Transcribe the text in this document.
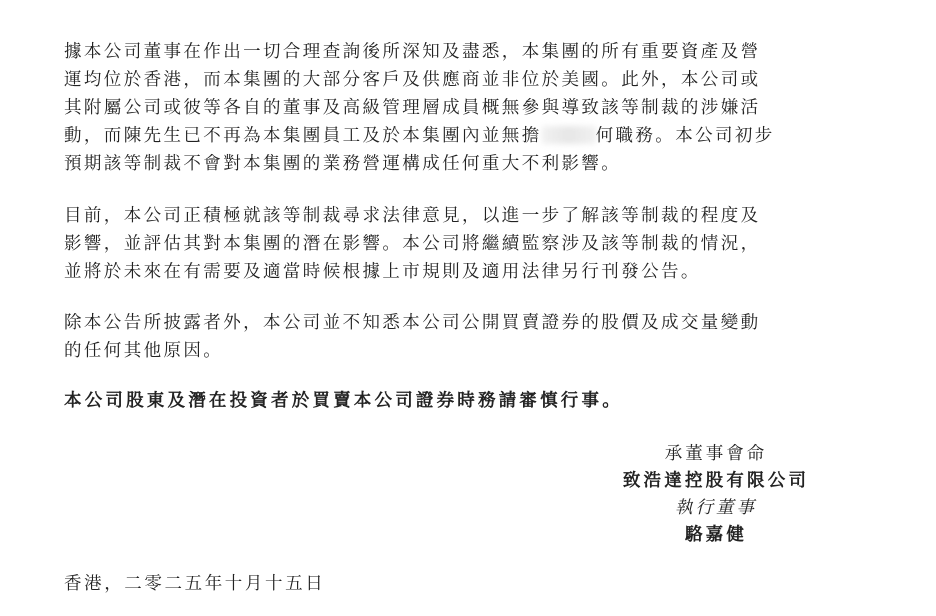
據本公司董事在作出一切合理查詢後所深知及盡悉，本集團的所有重要資產及營
運均位於香港，而本集團的大部分客戶及供應商並非位於美國。此外，本公司或
其附屬公司或彼等各自的董事及高級管理層成員概無參與導致該等制裁的涉嫌活
動，而陳先生已不再為本集團員工及於本集團內並無擔	何職務。本公司初步
預期該等制裁不會對本集團的業務營運構成任何重大不利影響。
目前，本公司正積極就該等制裁尋求法律意見，以進一步了解該等制裁的程度及
影響，並評估其對本集團的潛在影響。本公司將繼續監察涉及該等制裁的情況，
並將於未來在有需要及適當時候根據上市規則及適用法律另行刊發公告。
除本公告所披露者外，本公司並不知悉本公司公開買賣證券的股價及成交量變動
的任何其他原因。
本公司股東及潛在投資者於買賣本公司證券時務請審慎行事。
承董事會命
致浩達控股有限公司
執行董事
駱嘉健
香港，二零二五年十月十五日
